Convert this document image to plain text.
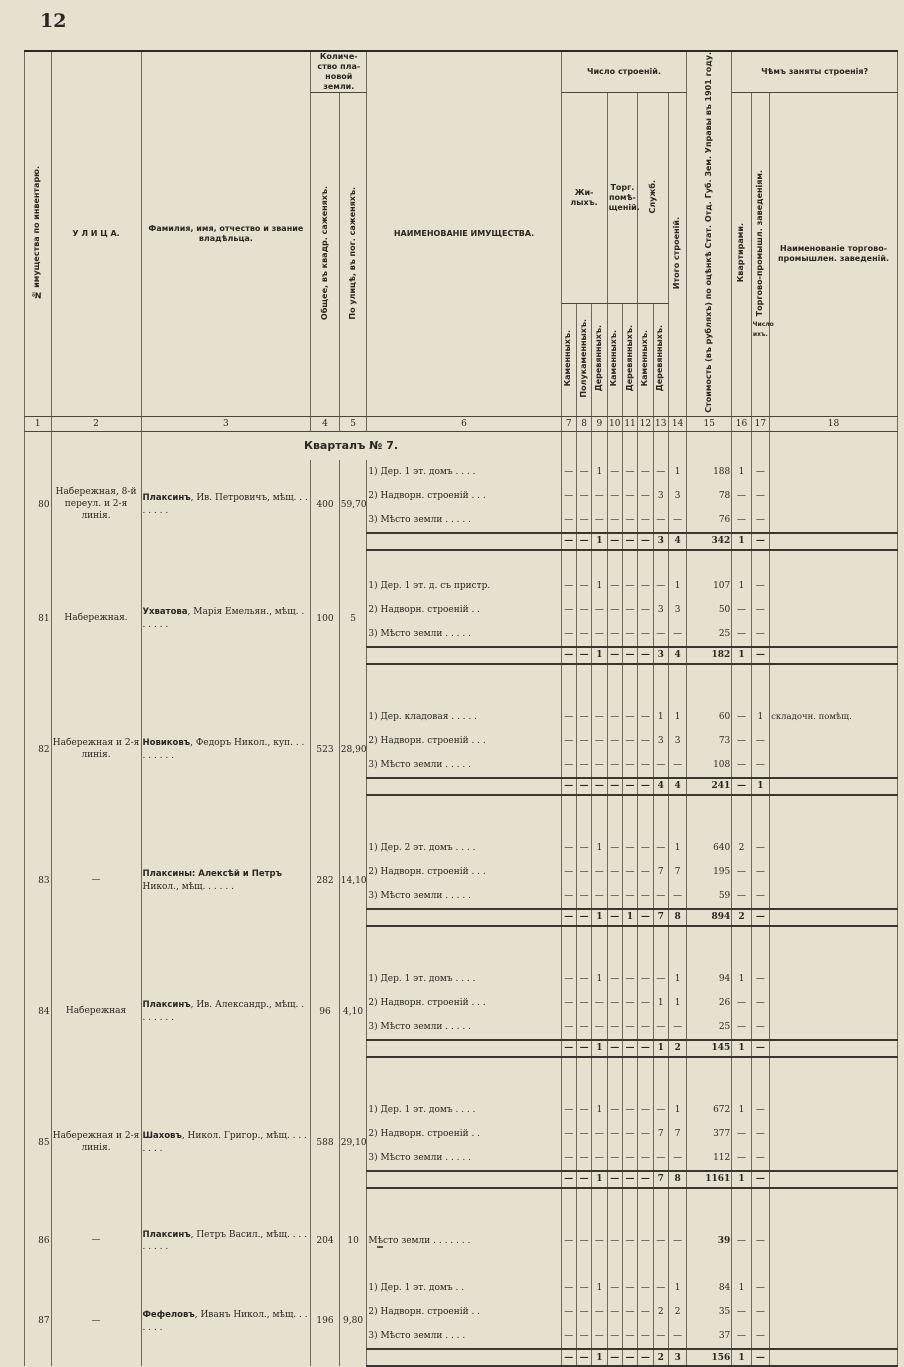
12
№ имущества по инвентарю.	У Л И Ц А.	Фамилия, имя, отчество и звание владѣльца.	Количе-ство пла-новой земли.		НАИМЕНОВАНІЕ ИМУЩЕСТВА.	Число строеній.								Стоимость (въ рубляхъ) по оцѣнкѣ Стат. Отд. Губ. Зем. Управы въ 1901 году.	Чѣмъ заняты строенія?		
			Общее, въ квадр. саженяхъ.	По улицѣ, въ пог. саженяхъ.		Жи-лыхъ.			Торг. помѣ-щеній.		Служб.		Итого строеній.		Квартирами.	Торгово-промышл. заведеніям.
Число ихъ.	Наименованіе торгово-промышлен. заведеній.
						Каменныхъ.	Полукаменныхъ.	Деревянныхъ.	Каменныхъ.	Деревянныхъ.	Каменныхъ.	Деревянныхъ.					
1	2	3	4	5	6	7	8	9	10	11	12	13	14	15	16	17	18
		Кварталъ № 7.															
80	Набережная, 8-й переул. и 2-я линія.	Плаксинъ, Ив. Петровичъ, мѣщ. . . . . . . .	400	59,70	1) Дер. 1 эт. домъ . . . .	—	—	1	—	—	—	—	1	188	1	—	
					2) Надворн. строеній . . .	—	—	—	—	—	—	3	3	78	—	—	
					3) Мѣсто земли . . . . .	—	—	—	—	—	—	—	—	76	—	—	
						—	—	1	—	—	—	3	4	342	1	—	

81	Набережная.	Ухватова, Марія Емельян., мѣщ. . . . . . .	100	5	1) Дер. 1 эт. д. съ пристр.	—	—	1	—	—	—	—	1	107	1	—	
					2) Надворн. строеній . .	—	—	—	—	—	—	3	3	50	—	—	
					3) Мѣсто земли . . . . .	—	—	—	—	—	—	—	—	25	—	—	
						—	—	1	—	—	—	3	4	182	1	—	

82	Набережная и 2-я линія.	Новиковъ, Федоръ Никол., куп. . . . . . . . .	523	28,90	1) Дер. кладовая . . . . .	—	—	—	—	—	—	1	1	60	—	1	складочн. помѣщ.
					2) Надворн. строеній . . .	—	—	—	—	—	—	3	3	73	—	—	
					3) Мѣсто земли . . . . .	—	—	—	—	—	—	—	—	108	—	—	
						—	—	—	—	—	—	4	4	241	—	1	

83	—	Плаксины: Алексѣй и Петръ Никол., мѣщ. . . . . .	282	14,10	1) Дер. 2 эт. домъ . . . .	—	—	1	—	—	—	—	1	640	2	—	
					2) Надворн. строеній . . .	—	—	—	—	—	—	7	7	195	—	—	
					3) Мѣсто земли . . . . .	—	—	—	—	—	—	—	—	59	—	—	
						—	—	1	—	1	—	7	8	894	2	—	

84	Набережная	Плаксинъ, Ив. Александр., мѣщ. . . . . . . .	96	4,10	1) Дер. 1 эт. домъ . . . .	—	—	1	—	—	—	—	1	94	1	—	
					2) Надворн. строеній . . .	—	—	—	—	—	—	1	1	26	—	—	
					3) Мѣсто земли . . . . .	—	—	—	—	—	—	—	—	25	—	—	
						—	—	1	—	—	—	1	2	145	1	—	

85	Набережная и 2-я линія.	Шаховъ, Никол. Григор., мѣщ. . . . . . . .	588	29,10	1) Дер. 1 эт. домъ . . . .	—	—	1	—	—	—	—	1	672	1	—	
					2) Надворн. строеній . .	—	—	—	—	—	—	7	7	377	—	—	
					3) Мѣсто земли . . . . .	—	—	—	—	—	—	—	—	112	—	—	
						—	—	1	—	—	—	7	8	1161	1	—	

86	—	Плаксинъ, Петръ Васил., мѣщ. . . . . . . . .	204	10	Мѣсто земли . . . . . . .	—	—	—	—	—	—	—	—	39	—	—	

87	—	Фефеловъ, Иванъ Никол., мѣщ. . . . . . .	196	9,80	1) Дер. 1 эт. домъ . .	—	—	1	—	—	—	—	1	84	1	—	
					2) Надворн. строеній . .	—	—	—	—	—	—	2	2	35	—	—	
					3) Мѣсто земли . . . .	—	—	—	—	—	—	—	—	37	—	—	
						—	—	1	—	—	—	2	3	156	1	—	
